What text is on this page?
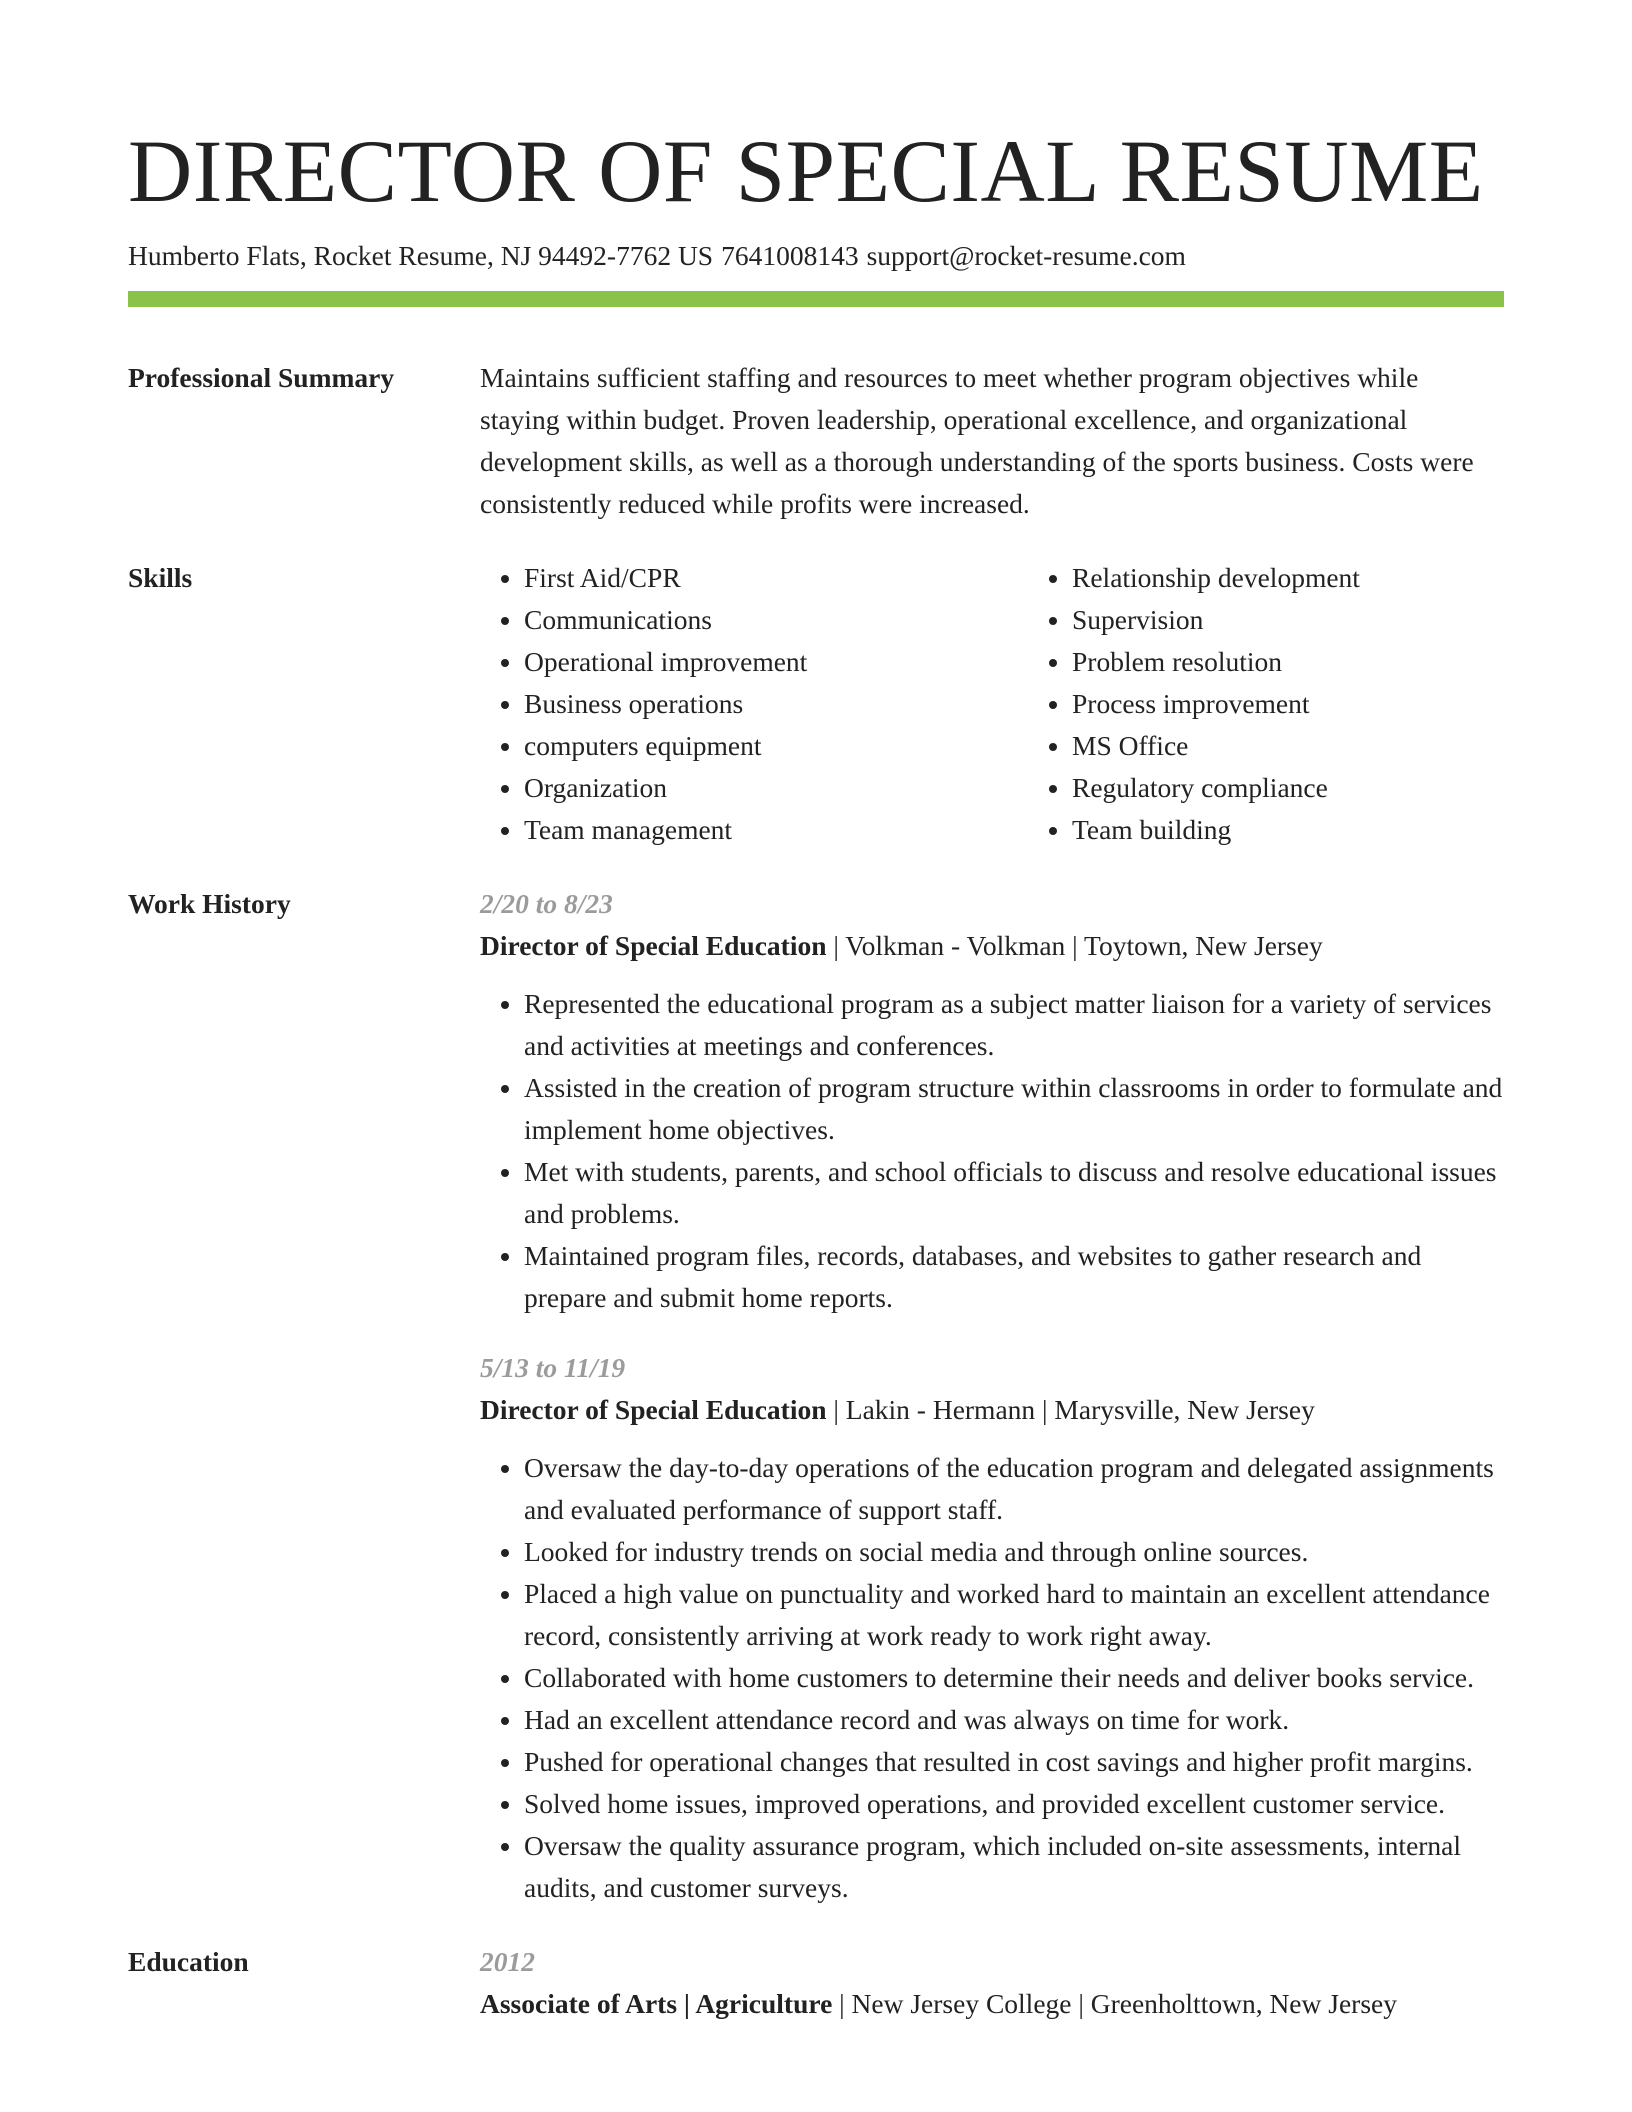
DIRECTOR OF SPECIAL RESUME
Humberto Flats, Rocket Resume, NJ 94492-7762 US 7641008143 support@rocket-resume.com
Professional Summary	Maintains sufficient staffing and resources to meet whether program objectives while staying within budget. Proven leadership, operational excellence, and organizational development skills, as well as a thorough understanding of the sports business. Costs were consistently reduced while profits were increased.

Skills
•	First Aid/CPR
• Communications
• Operational improvement
• Business operations
• computers equipment
• Organization
• Team management
• Relationship development
• Supervision
• Problem resolution
• Process improvement
• MS Office
• Regulatory compliance
• Team building
Work History	2/20 to 8/23
Director of Special Education | Volkman - Volkman | Toytown, New Jersey
• Represented the educational program as a subject matter liaison for a variety of services and activities at meetings and conferences.
• Assisted in the creation of program structure within classrooms in order to formulate and implement home objectives.
• Met with students, parents, and school officials to discuss and resolve educational issues and problems.
• Maintained program files, records, databases, and websites to gather research and prepare and submit home reports.
5/13 to 11/19
Director of Special Education | Lakin - Hermann | Marysville, New Jersey
• Oversaw the day-to-day operations of the education program and delegated assignments and evaluated performance of support staff.
• Looked for industry trends on social media and through online sources.
• Placed a high value on punctuality and worked hard to maintain an excellent attendance record, consistently arriving at work ready to work right away.
• Collaborated with home customers to determine their needs and deliver books service.
• Had an excellent attendance record and was always on time for work.
• Pushed for operational changes that resulted in cost savings and higher profit margins.
• Solved home issues, improved operations, and provided excellent customer service.
• Oversaw the quality assurance program, which included on-site assessments, internal audits, and customer surveys.
Education	2012
Associate of Arts | Agriculture | New Jersey College | Greenholttown, New Jersey
